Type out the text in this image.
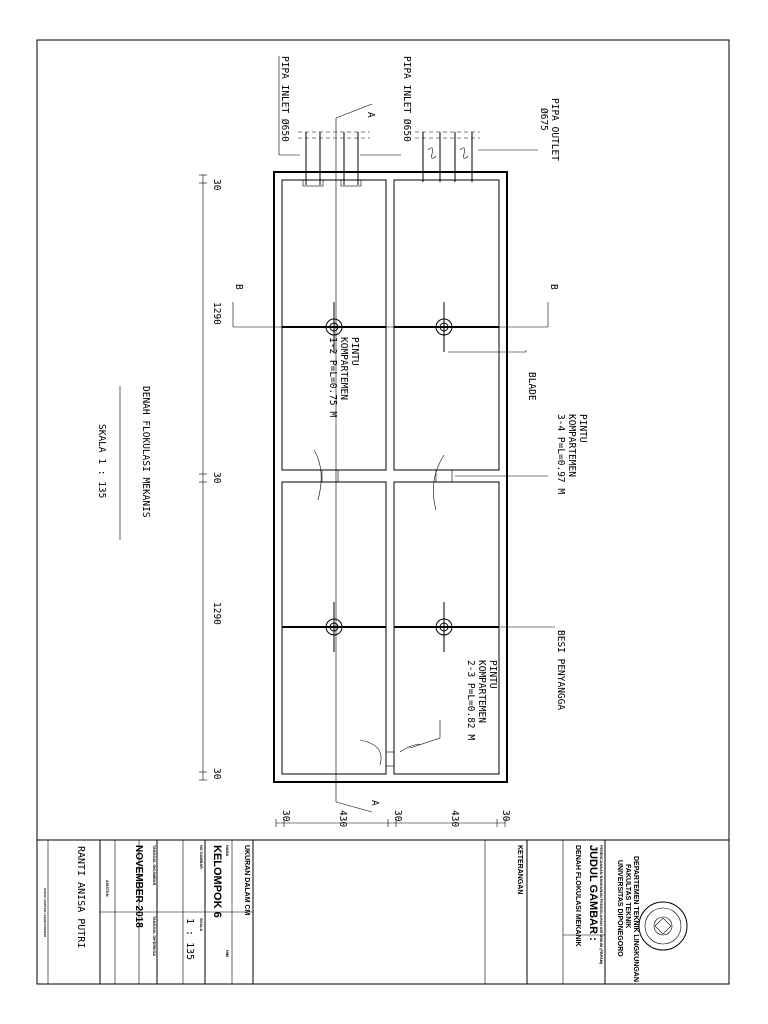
A
A
B	B
PIPA INLET Ø650	PIPA INLET Ø650	PIPA OUTLET
Ø675
PINTU
KOMPARTEMEN
1-2 P=L=0.75 M
PINTU
KOMPARTEMEN
3-4 P=L=0.97 M
PINTU
KOMPARTEMEN
2-3 P=L=0.82 M
BLADE
BESI PENYANGGA
30
1290
30
1290
30
30	430	30	430	30
DENAH FLOKULASI MEKANIS
SKALA 1 : 135
DEPARTEMEN TEKNIK LINGKUNGAN
FAKULTAS TEKNIK
UNIVERSITAS DIPONEGORO
PERENCANAAN BANGUNAN PENGOLAHAN AIR MINUM (PBPAM)
JUDUL GAMBAR :
DENAH FLOKULASI MEKANIK
KETERANGAN
UKURAN DALAM CM
NAMA
NIM
KELOMPOK 6
NO GAMBAR
SKALA
1 : 135
TANGGAL DIGAMBAR
TANGGAL DIPERIKSA
NOVEMBER 2018
ASISTEN
RANTI ANISA PUTRI
PARAF ASISTEN LABORATORIUM
